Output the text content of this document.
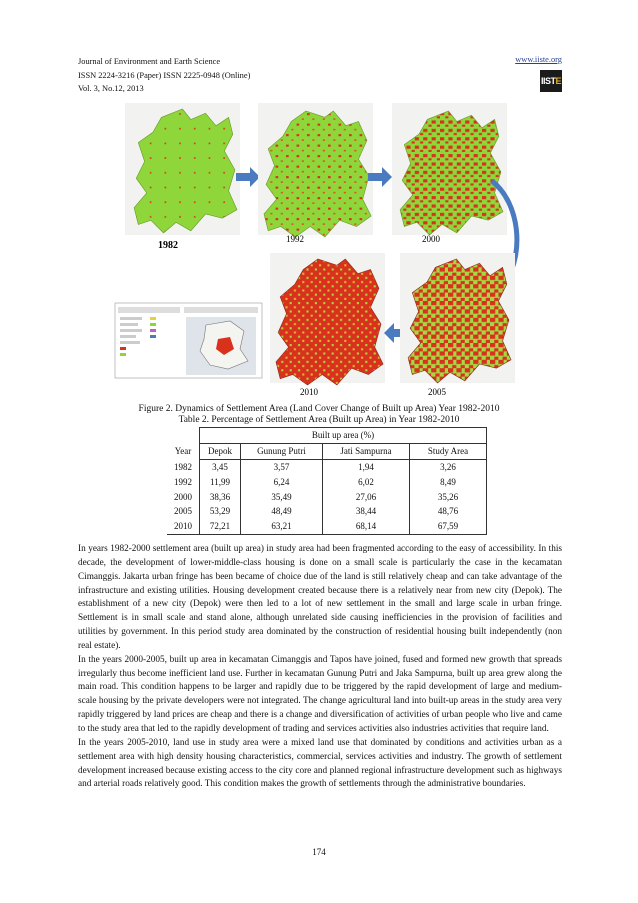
Journal of Environment and Earth Science
ISSN 2224-3216 (Paper) ISSN 2225-0948 (Online)
Vol. 3, No.12, 2013
www.iiste.org
IISTE
1982
1992	2000
2010	2005
Figure 2. Dynamics of Settlement Area (Land Cover Change of Built up Area) Year 1982-2010
Table 2. Percentage of Settlement Area (Built up Area) in Year 1982-2010
	Built up area (%)			
Year	Depok	Gunung Putri	Jati Sampurna	Study Area
1982	3,45	3,57	1,94	3,26
1992	11,99	6,24	6,02	8,49
2000	38,36	35,49	27,06	35,26
2005	53,29	48,49	38,44	48,76
2010	72,21	63,21	68,14	67,59

In years 1982-2000 settlement area (built up area) in study area had been fragmented according to the easy of accessibility. In this decade, the development of lower-middle-class housing is done on a small scale is particularly the case in the kecamatan Cimanggis. Jakarta urban fringe has been became of choice due of the land is still relatively cheap and can take advantage of the infrastructure and existing utilities. Housing development created because there is a relatively near from new city (Depok). The establishment of a new city (Depok) were then led to a lot of new settlement in the small and large scale in urban fringe. Settlement is in small scale and stand alone, although unrelated side causing inefficiencies in the provision of facilities and utilities by government. In this period study area dominated by the construction of residential housing built independently (non real estate).

In the years 2000-2005, built up area in kecamatan Cimanggis and Tapos have joined, fused and formed new growth that spreads irregularly thus become inefficient land use. Further in kecamatan Gunung Putri and Jaka Sampurna, built up area grew along the main road. This condition happens to be larger and rapidly due to be triggered by the rapid development of large and medium-scale housing by the private developers were not integrated. The change agricultural land into built-up areas in the study area very rapidly triggered by land prices are cheap and there is a change and diversification of activities of urban people who live and came to the study area that led to the rapidly development of trading and services activities also industries activities that require land.

In the years 2005-2010, land use in study area were a mixed land use that dominated by conditions and activities urban as a settlement area with high density housing characteristics, commercial, services activities and industry. The growth of settlement development increased because existing access to the city core and planned regional infrastructure development such as highways and arterial roads relatively good. This condition makes the growth of settlements through the administrative boundaries.

174
